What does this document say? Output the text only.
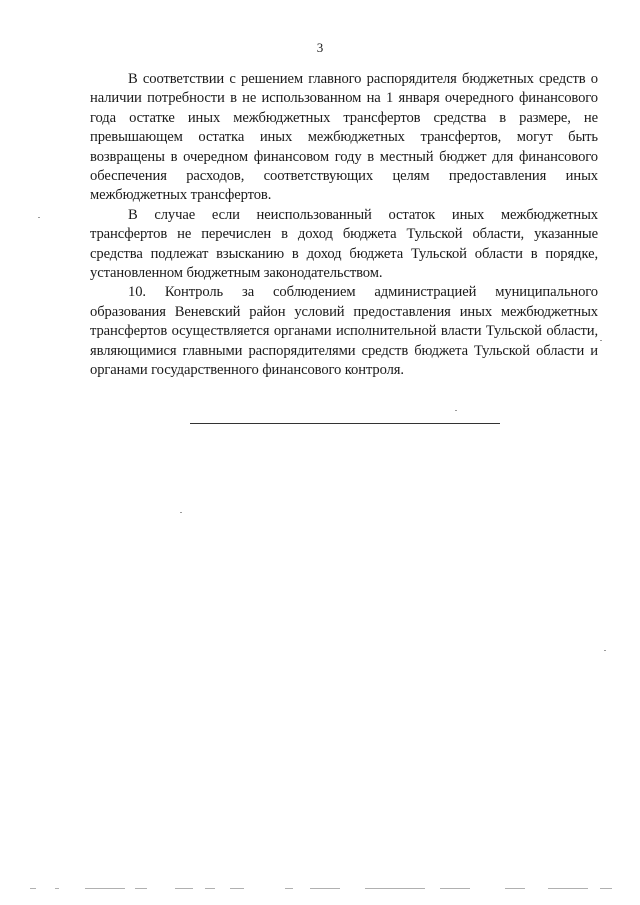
3

В соответствии с решением главного распорядителя бюджетных средств о наличии потребности в не использованном на 1 января очередного финансового года остатке иных межбюджетных трансфертов средства в размере, не превышающем остатка иных межбюджетных трансфертов, могут быть возвращены в очередном финансовом году в местный бюджет для финансового обеспечения расходов, соответствующих целям предоставления иных межбюджетных трансфертов.

В случае если неиспользованный остаток иных межбюджетных трансфертов не перечислен в доход бюджета Тульской области, указанные средства подлежат взысканию в доход бюджета Тульской области в порядке, установленном бюджетным законодательством.

10. Контроль за соблюдением администрацией муниципального образования Веневский район условий предоставления иных межбюджетных трансфертов осуществляется органами исполнительной власти Тульской области, являющимися главными распорядителями средств бюджета Тульской области и органами государственного финансового контроля.
